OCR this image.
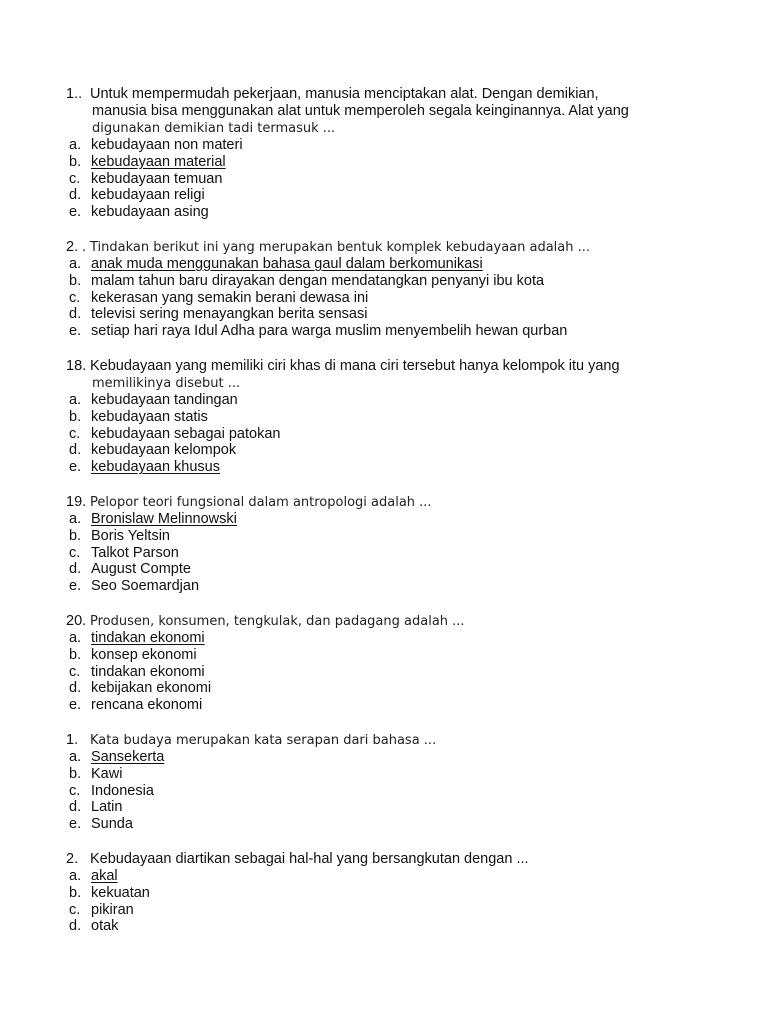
1.. Untuk mempermudah pekerjaan, manusia menciptakan alat. Dengan demikian,
manusia bisa menggunakan alat untuk memperoleh segala keinginannya. Alat yang
digunakan demikian tadi termasuk ...
a. kebudayaan non materi
b. kebudayaan material
c. kebudayaan temuan
d. kebudayaan religi
e. kebudayaan asing
2. . Tindakan berikut ini yang merupakan bentuk komplek kebudayaan adalah ...
a. anak muda menggunakan bahasa gaul dalam berkomunikasi
b. malam tahun baru dirayakan dengan mendatangkan penyanyi ibu kota
c. kekerasan yang semakin berani dewasa ini
d. televisi sering menayangkan berita sensasi
e. setiap hari raya Idul Adha para warga muslim menyembelih hewan qurban
18. Kebudayaan yang memiliki ciri khas di mana ciri tersebut hanya kelompok itu yang
memilikinya disebut ...
a. kebudayaan tandingan
b. kebudayaan statis
c. kebudayaan sebagai patokan
d. kebudayaan kelompok
e. kebudayaan khusus
19. Pelopor teori fungsional dalam antropologi adalah ...
a. Bronislaw Melinnowski
b. Boris Yeltsin
c. Talkot Parson
d. August Compte
e. Seo Soemardjan
20. Produsen, konsumen, tengkulak, dan padagang adalah ...
a. tindakan ekonomi
b. konsep ekonomi
c. tindakan ekonomi
d. kebijakan ekonomi
e. rencana ekonomi
1. Kata budaya merupakan kata serapan dari bahasa ...
a. Sansekerta
b. Kawi
c. Indonesia
d. Latin
e. Sunda
2. Kebudayaan diartikan sebagai hal-hal yang bersangkutan dengan ...
a. akal
b. kekuatan
c. pikiran
d. otak
